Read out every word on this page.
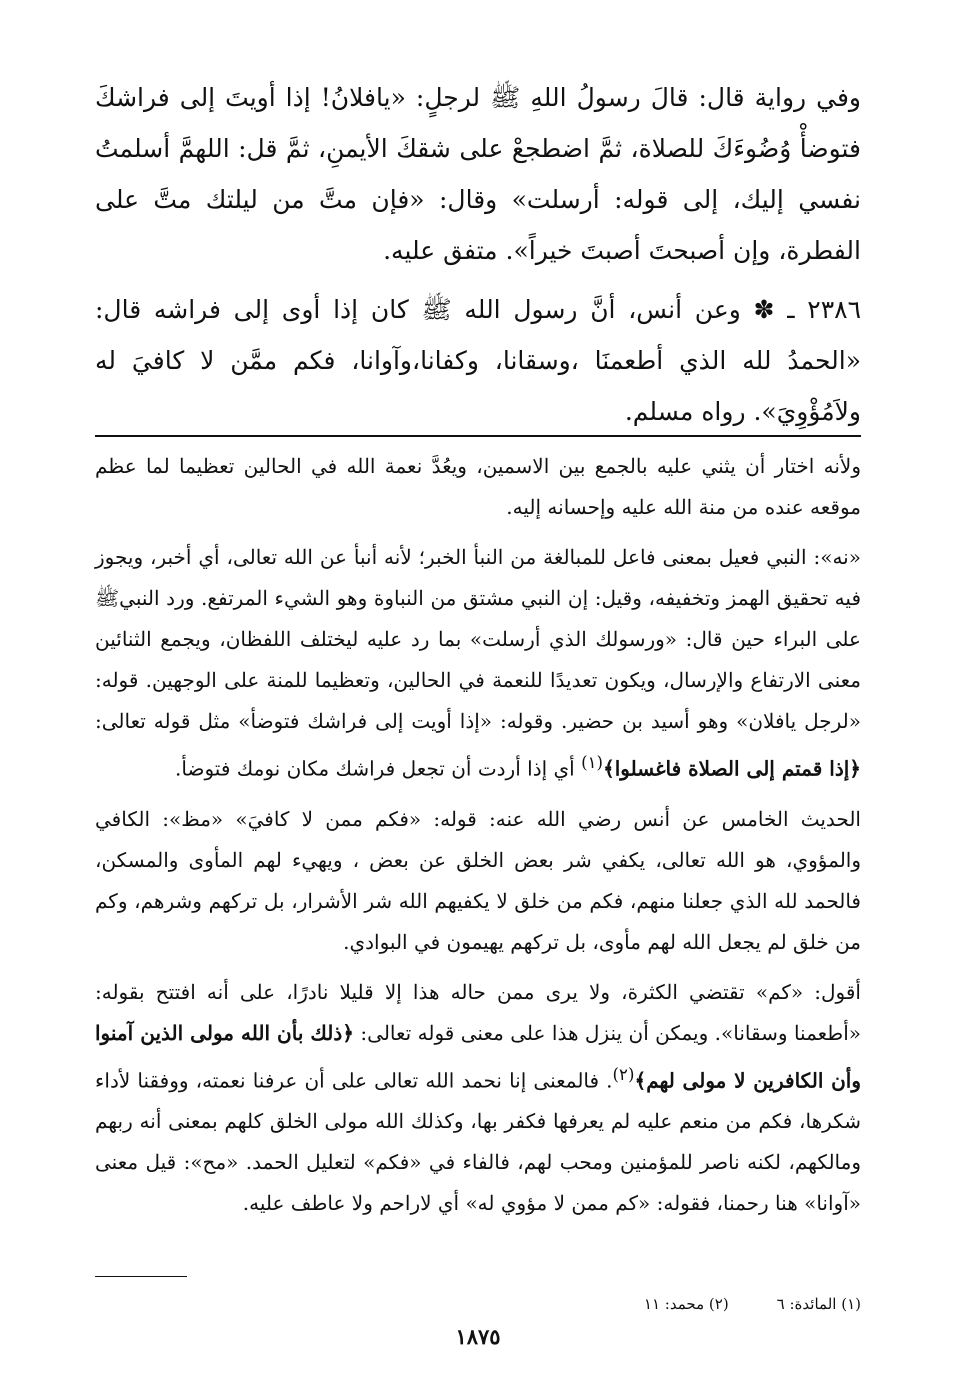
وفي رواية قال: قالَ رسولُ اللهِ ﷺ لرجلٍ: «يافلانُ! إذا أويتَ إلى فراشكَ فتوضأْ وُضُوءَكَ للصلاة، ثمَّ اضطجعْ على شقكَ الأيمنِ، ثمَّ قل: اللهمَّ أسلمتُ نفسي إليك، إلى قوله: أرسلت» وقال: «فإن متَّ من ليلتك متَّ على الفطرة، وإن أصبحتَ أصبتَ خيراً». متفق عليه.

٢٣٨٦ ـ ✽ وعن أنس، أنَّ رسول الله ﷺ كان إذا أوى إلى فراشه قال: «الحمدُ لله الذي أطعمنَا ،وسقانا، وكفانا،وآوانا، فكم ممَّن لا كافيَ له ولاَمُؤْوِيَ». رواه مسلم.

ولأنه اختار أن يثني عليه بالجمع بين الاسمين، ويعُدَّ نعمة الله في الحالين تعظيما لما عظم موقعه عنده من منة الله عليه وإحسانه إليه.

«نه»: النبي فعيل بمعنى فاعل للمبالغة من النبأ الخبر؛ لأنه أنبأ عن الله تعالى، أي أخبر، ويجوز فيه تحقيق الهمز وتخفيفه، وقيل: إن النبي مشتق من النباوة وهو الشيء المرتفع. ورد النبيﷺ على البراء حين قال: «ورسولك الذي أرسلت» بما رد عليه ليختلف اللفظان، ويجمع الثنائين معنى الارتفاع والإرسال، ويكون تعديدًا للنعمة في الحالين، وتعظيما للمنة على الوجهين. قوله: «لرجل يافلان» وهو أسيد بن حضير. وقوله: «إذا أويت إلى فراشك فتوضأ» مثل قوله تعالى: ﴿إذا قمتم إلى الصلاة فاغسلوا﴾$^{(١)}$ أي إذا أردت أن تجعل فراشك مكان نومك فتوضأ.

الحديث الخامس عن أنس رضي الله عنه: قوله: «فكم ممن لا كافيَ» «مظ»: الكافي والمؤوي، هو الله تعالى، يكفي شر بعض الخلق عن بعض ، ويهيء لهم المأوى والمسكن، فالحمد لله الذي جعلنا منهم، فكم من خلق لا يكفيهم الله شر الأشرار، بل تركهم وشرهم، وكم من خلق لم يجعل الله لهم مأوى، بل تركهم يهيمون في البوادي.

أقول: «كم» تقتضي الكثرة، ولا يرى ممن حاله هذا إلا قليلا نادرًا، على أنه افتتح بقوله: «أطعمنا وسقانا». ويمكن أن ينزل هذا على معنى قوله تعالى: ﴿ذلك بأن الله مولى الذين آمنوا وأن الكافرين لا مولى لهم﴾$^{(٢)}$. فالمعنى إنا نحمد الله تعالى على أن عرفنا نعمته، ووفقنا لأداء شكرها، فكم من منعم عليه لم يعرفها فكفر بها، وكذلك الله مولى الخلق كلهم بمعنى أنه ربهم ومالكهم، لكنه ناصر للمؤمنين ومحب لهم، فالفاء في «فكم» لتعليل الحمد. «مح»: قيل معنى «آوانا» هنا رحمنا، فقوله: «كم ممن لا مؤوي له» أي لاراحم ولا عاطف عليه.

(١) المائدة: ٦(٢) محمد: ١١
١٨٧٥
